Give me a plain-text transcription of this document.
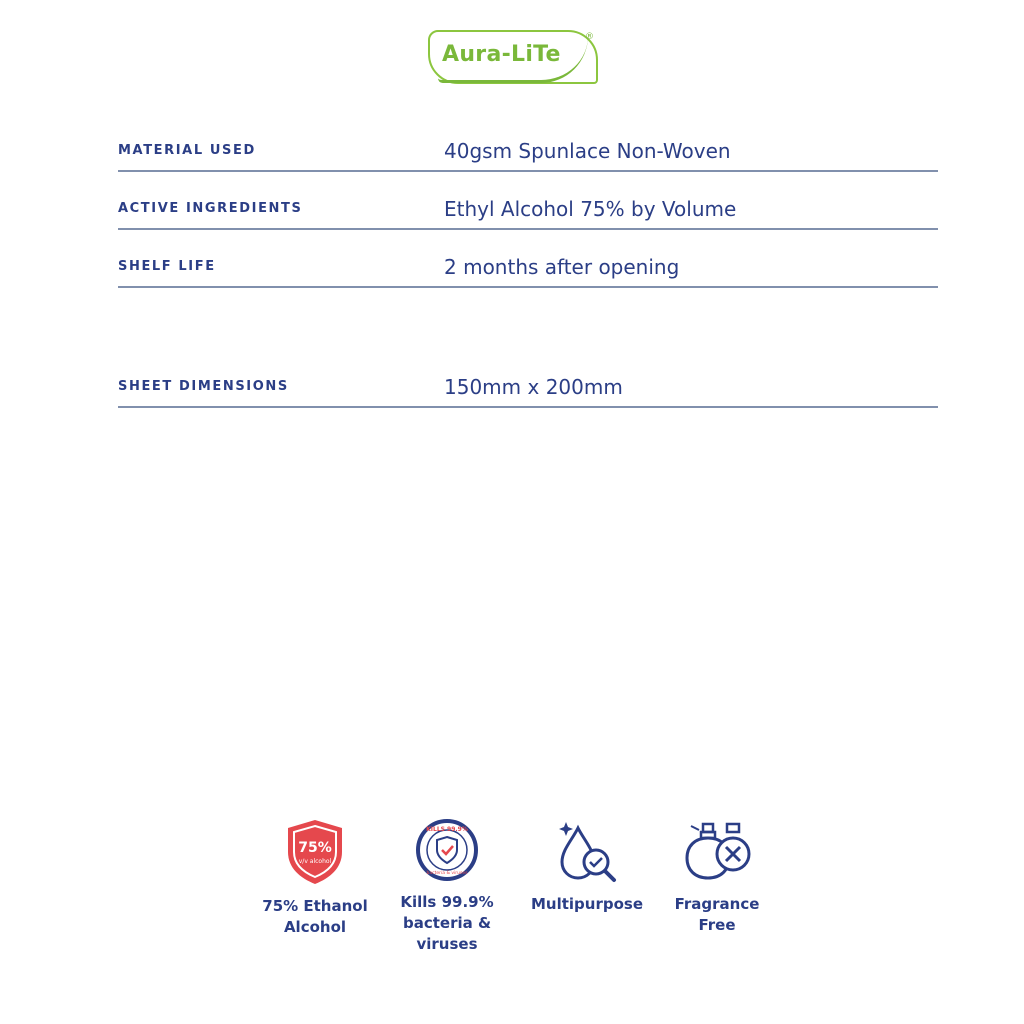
Aura-LiTe
®
MATERIAL USED	40gsm Spunlace Non-Woven
ACTIVE INGREDIENTS	Ethyl Alcohol 75% by Volume
SHELF LIFE	2 months after opening
SHEET DIMENSIONS	150mm x 200mm
75%
v/v alcohol
75% Ethanol
Alcohol
KILLS 99.9%
bacteria & viruses
Kills 99.9%
bacteria &
viruses
Multipurpose	Fragrance
Free
